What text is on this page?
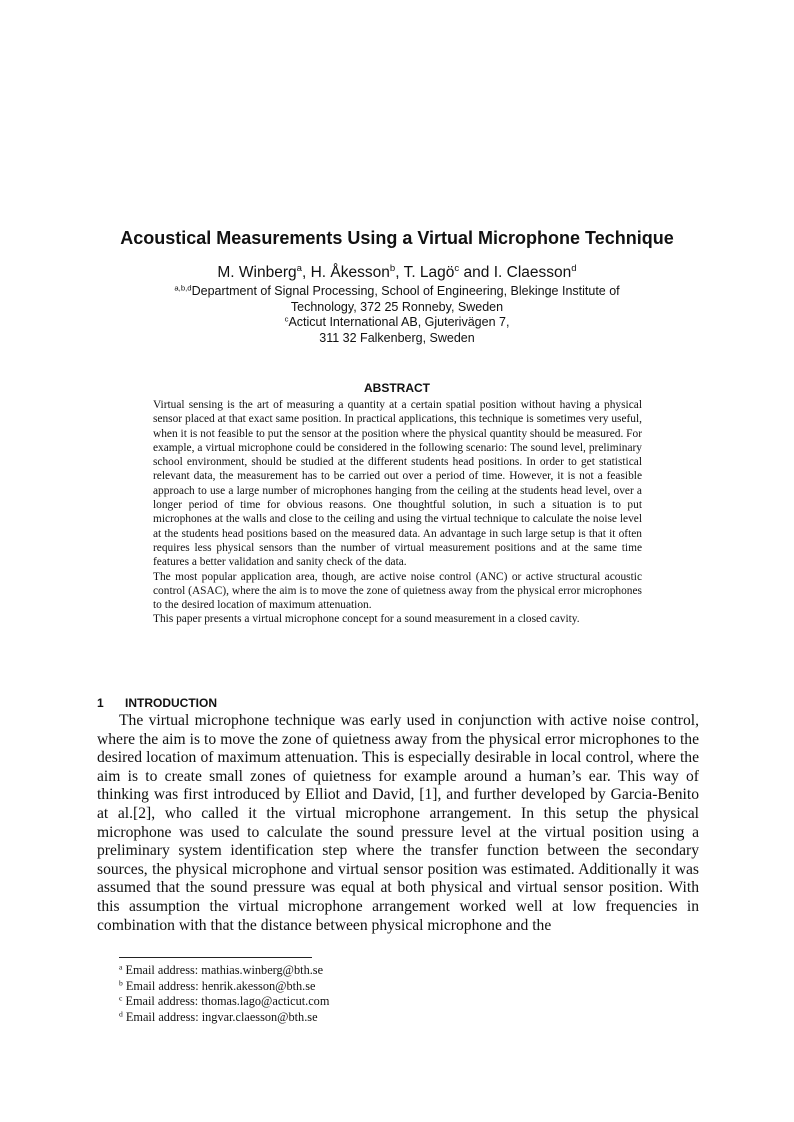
Acoustical Measurements Using a Virtual Microphone Technique
M. Winberg$^a$, H. Åkesson$^b$, T. Lagö$^c$ and I. Claesson$^d$
$^{a,b,d}$Department of Signal Processing, School of Engineering, Blekinge Institute of Technology, 372 25 Ronneby, Sweden
$^c$Acticut International AB, Gjuterivägen 7,
311 32 Falkenberg, Sweden
ABSTRACT

Virtual sensing is the art of measuring a quantity at a certain spatial position without having a physical sensor placed at that exact same position. In practical applications, this technique is sometimes very useful, when it is not feasible to put the sensor at the position where the physical quantity should be measured. For example, a virtual microphone could be considered in the following scenario: The sound level, preliminary school environment, should be studied at the different students head positions. In order to get statistical relevant data, the measurement has to be carried out over a period of time. However, it is not a feasible approach to use a large number of microphones hanging from the ceiling at the students head level, over a longer period of time for obvious reasons. One thoughtful solution, in such a situation is to put microphones at the walls and close to the ceiling and using the virtual technique to calculate the noise level at the students head positions based on the measured data. An advantage in such large setup is that it often requires less physical sensors than the number of virtual measurement positions and at the same time features a better validation and sanity check of the data.

The most popular application area, though, are active noise control (ANC) or active structural acoustic control (ASAC), where the aim is to move the zone of quietness away from the physical error microphones to the desired location of maximum attenuation.

This paper presents a virtual microphone concept for a sound measurement in a closed cavity.

1 INTRODUCTION

The virtual microphone technique was early used in conjunction with active noise control, where the aim is to move the zone of quietness away from the physical error microphones to the desired location of maximum attenuation. This is especially desirable in local control, where the aim is to create small zones of quietness for example around a human’s ear. This way of thinking was first introduced by Elliot and David, [1], and further developed by Garcia-Benito at al.[2], who called it the virtual microphone arrangement. In this setup the physical microphone was used to calculate the sound pressure level at the virtual position using a preliminary system identification step where the transfer function between the secondary sources, the physical microphone and virtual sensor position was estimated. Additionally it was assumed that the sound pressure was equal at both physical and virtual sensor position. With this assumption the virtual microphone arrangement worked well at low frequencies in combination with that the distance between physical microphone and the

$^a$ Email address: mathias.winberg@bth.se
$^b$ Email address: henrik.akesson@bth.se
$^c$ Email address: thomas.lago@acticut.com
$^d$ Email address: ingvar.claesson@bth.se
